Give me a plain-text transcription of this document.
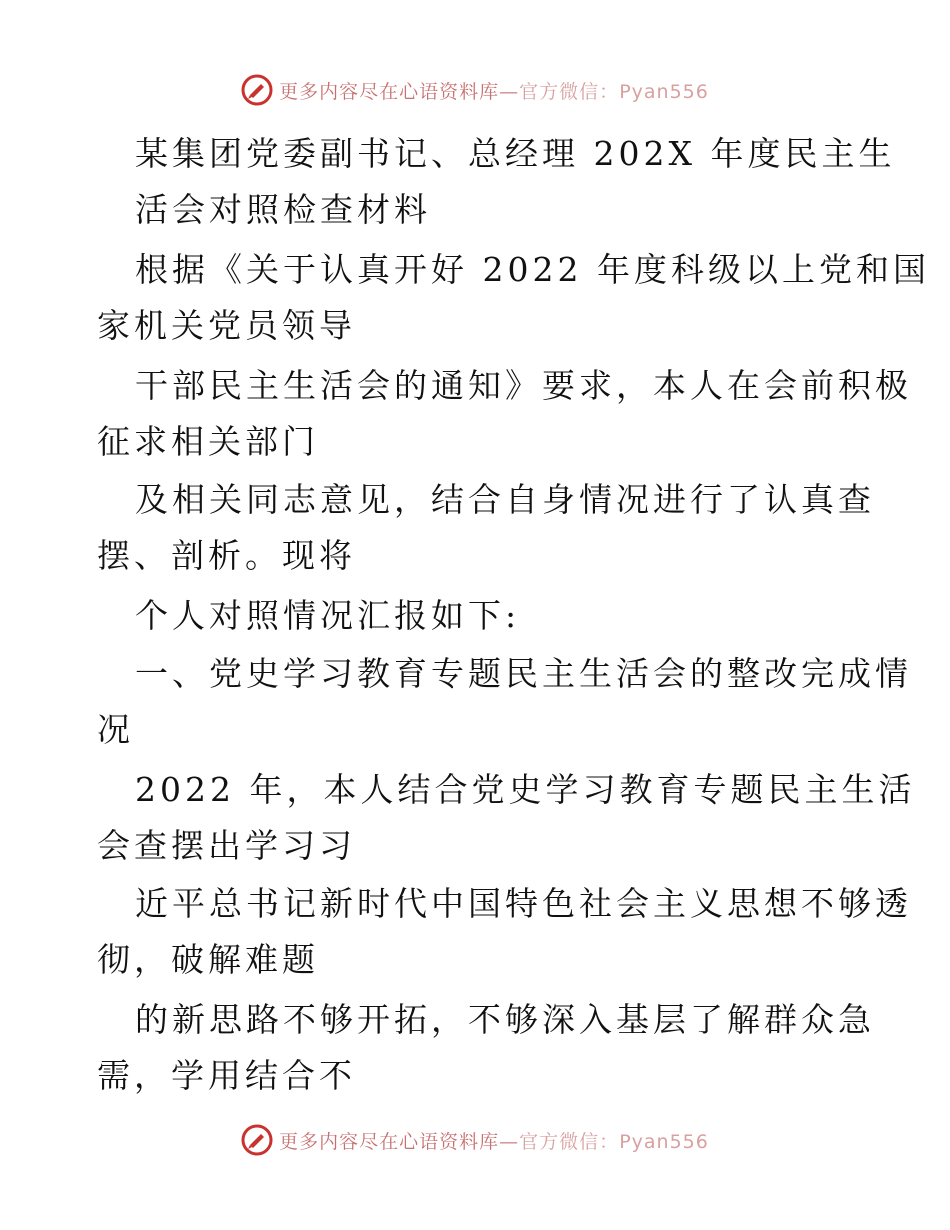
更多内容尽在心语资料库—官方微信：Pyan556
某集团党委副书记、总经理 202X 年度民主生
活会对照检查材料
根据《关于认真开好 2022 年度科级以上党和国
家机关党员领导
干部民主生活会的通知》要求，本人在会前积极
征求相关部门
及相关同志意见，结合自身情况进行了认真查
摆、剖析。现将
个人对照情况汇报如下:
一、党史学习教育专题民主生活会的整改完成情
况
2022 年，本人结合党史学习教育专题民主生活
会查摆出学习习
近平总书记新时代中国特色社会主义思想不够透
彻，破解难题
的新思路不够开拓，不够深入基层了解群众急
需，学用结合不
更多内容尽在心语资料库—官方微信：Pyan556
